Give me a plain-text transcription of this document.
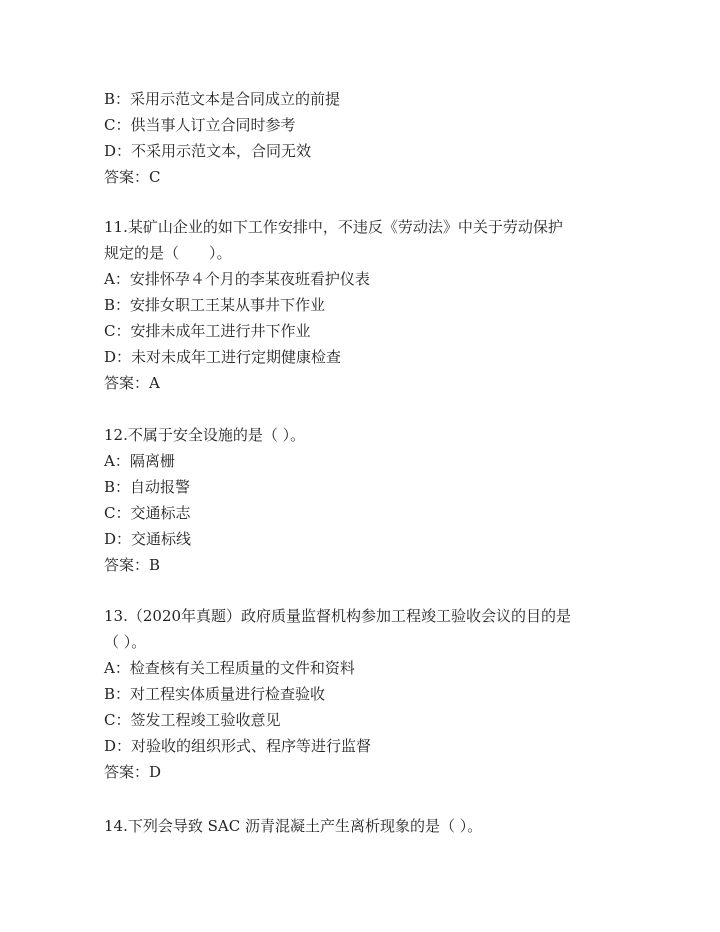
B：采用示范文本是合同成立的前提
C：供当事人订立合同时参考
D：不采用示范文本，合同无效
答案：C
11.某矿山企业的如下工作安排中，不违反《劳动法》中关于劳动保护
规定的是（　　）。
A：安排怀孕４个月的李某夜班看护仪表
B：安排女职工王某从事井下作业
C：安排未成年工进行井下作业
D：未对未成年工进行定期健康检查
答案：A
12.不属于安全设施的是（ ）。
A：隔离栅
B：自动报警
C：交通标志
D：交通标线
答案：B
13.（2020年真题）政府质量监督机构参加工程竣工验收会议的目的是
（ ）。
A：检查核有关工程质量的文件和资料
B：对工程实体质量进行检查验收
C：签发工程竣工验收意见
D：对验收的组织形式、程序等进行监督
答案：D
14.下列会导致 SAC 沥青混凝土产生离析现象的是（ ）。
